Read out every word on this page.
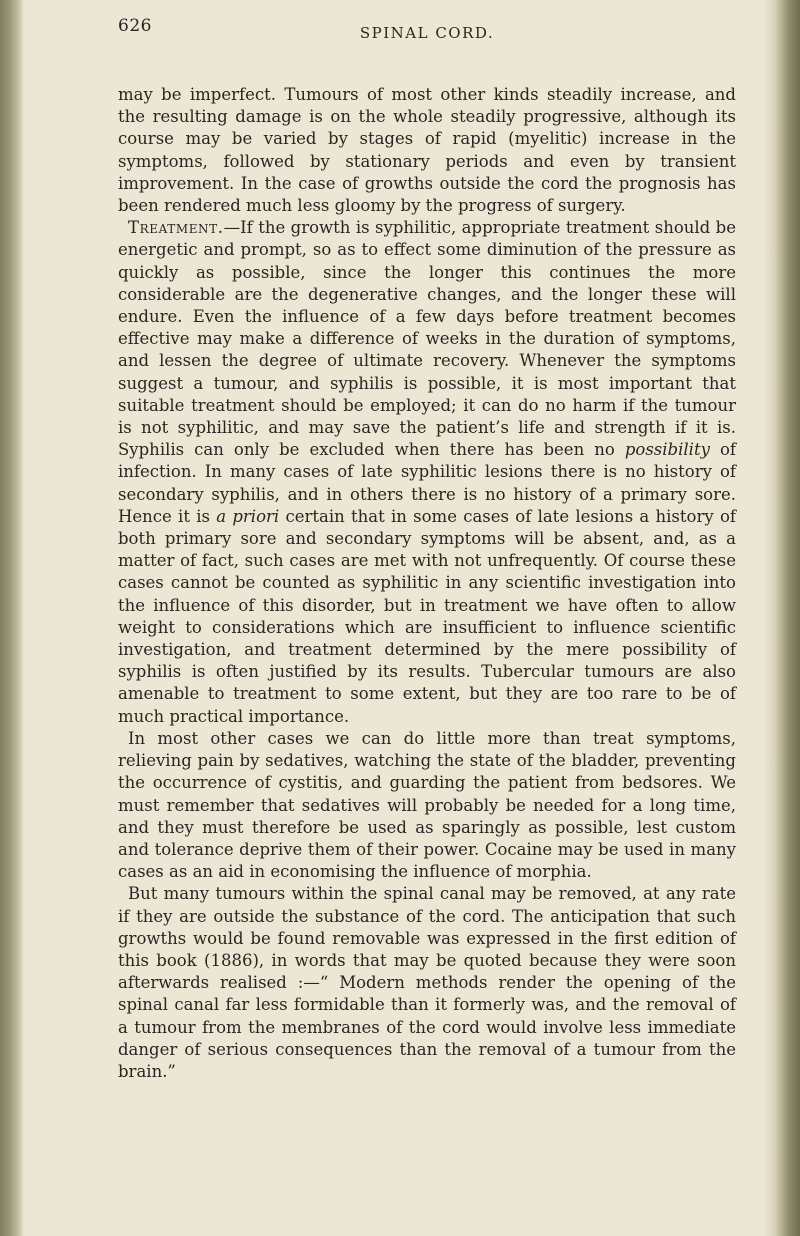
626	SPINAL CORD.

may be imperfect. Tumours of most other kinds steadily increase, and the resulting damage is on the whole steadily progressive, although its course may be varied by stages of rapid (myelitic) increase in the symptoms, followed by stationary periods and even by transient improvement. In the case of growths outside the cord the prognosis has been rendered much less gloomy by the progress of surgery.

Treatment.—If the growth is syphilitic, appropriate treatment should be energetic and prompt, so as to effect some diminution of the pressure as quickly as possible, since the longer this continues the more considerable are the degenerative changes, and the longer these will endure. Even the influence of a few days before treatment becomes effective may make a difference of weeks in the duration of symptoms, and lessen the degree of ultimate recovery. Whenever the symptoms suggest a tumour, and syphilis is possible, it is most important that suitable treatment should be employed; it can do no harm if the tumour is not syphilitic, and may save the patient’s life and strength if it is. Syphilis can only be excluded when there has been no possibility of infection. In many cases of late syphilitic lesions there is no history of secondary syphilis, and in others there is no history of a primary sore. Hence it is a priori certain that in some cases of late lesions a history of both primary sore and secondary symptoms will be absent, and, as a matter of fact, such cases are met with not unfrequently. Of course these cases cannot be counted as syphilitic in any scientific investigation into the influence of this disorder, but in treatment we have often to allow weight to considerations which are insufficient to influence scientific investigation, and treatment determined by the mere possibility of syphilis is often justified by its results. Tubercular tumours are also amenable to treatment to some extent, but they are too rare to be of much practical importance.

In most other cases we can do little more than treat symptoms, relieving pain by sedatives, watching the state of the bladder, preventing the occurrence of cystitis, and guarding the patient from bedsores. We must remember that sedatives will probably be needed for a long time, and they must therefore be used as sparingly as possible, lest custom and tolerance deprive them of their power. Cocaine may be used in many cases as an aid in economising the influence of morphia.

But many tumours within the spinal canal may be removed, at any rate if they are outside the substance of the cord. The anticipation that such growths would be found removable was expressed in the first edition of this book (1886), in words that may be quoted because they were soon afterwards realised :—“ Modern methods render the opening of the spinal canal far less formidable than it formerly was, and the removal of a tumour from the membranes of the cord would involve less immediate danger of serious consequences than the removal of a tumour from the brain.”
